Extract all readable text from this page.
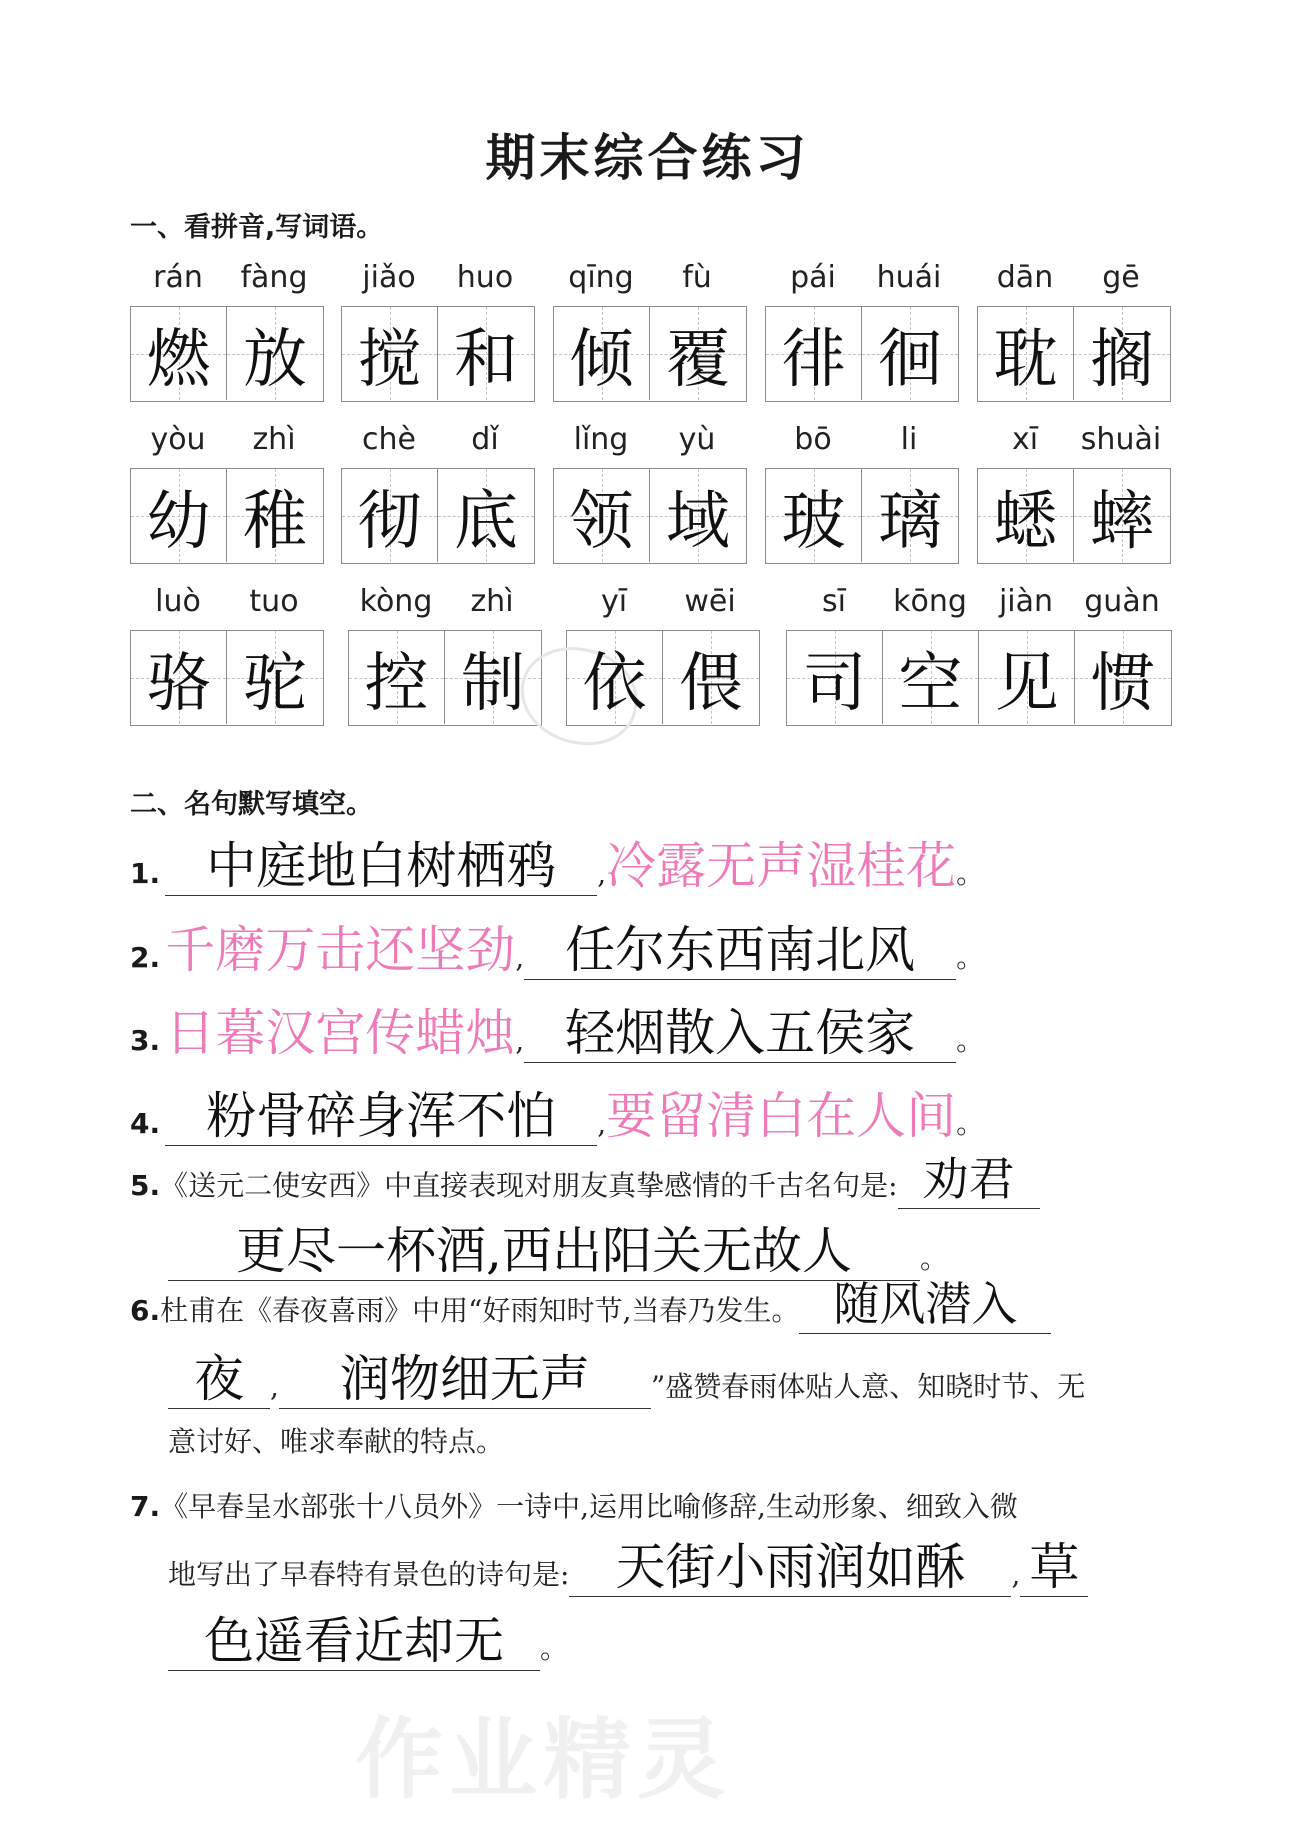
期末综合练习
一、看拼音,写词语。
rán	fàng
燃 放
jiǎo	huo
搅 和
qīng	fù
倾 覆
pái	huái
徘 徊
dān	gē
耽 搁
yòu	zhì
幼 稚
chè	dǐ
彻 底
lǐng	yù
领 域
bō	li
玻 璃
xī	shuài
蟋 蟀
luò	tuo
骆 驼
kòng	zhì
控 制
yī	wēi
依 偎
sī	kōng	jiàn	guàn
司 空 见 惯
二、名句默写填空。
1. 中庭地白树栖鸦 ,冷露无声湿桂花。
2. 千磨万击还坚劲, 任尔东西南北风 。
3. 日暮汉宫传蜡烛, 轻烟散入五侯家 。
4. 粉骨碎身浑不怕 ,要留清白在人间。
5.《送元二使安西》中直接表现对朋友真挚感情的千古名句是: 劝君
更尽一杯酒,西出阳关无故人 。
6.杜甫在《春夜喜雨》中用“好雨知时节,当春乃发生。 随风潜入
夜 , 润物细无声 ”盛赞春雨体贴人意、知晓时节、无
意讨好、唯求奉献的特点。
7.《早春呈水部张十八员外》一诗中,运用比喻修辞,生动形象、细致入微
地写出了早春特有景色的诗句是: 天街小雨润如酥 , 草
色遥看近却无 。
作业精灵
